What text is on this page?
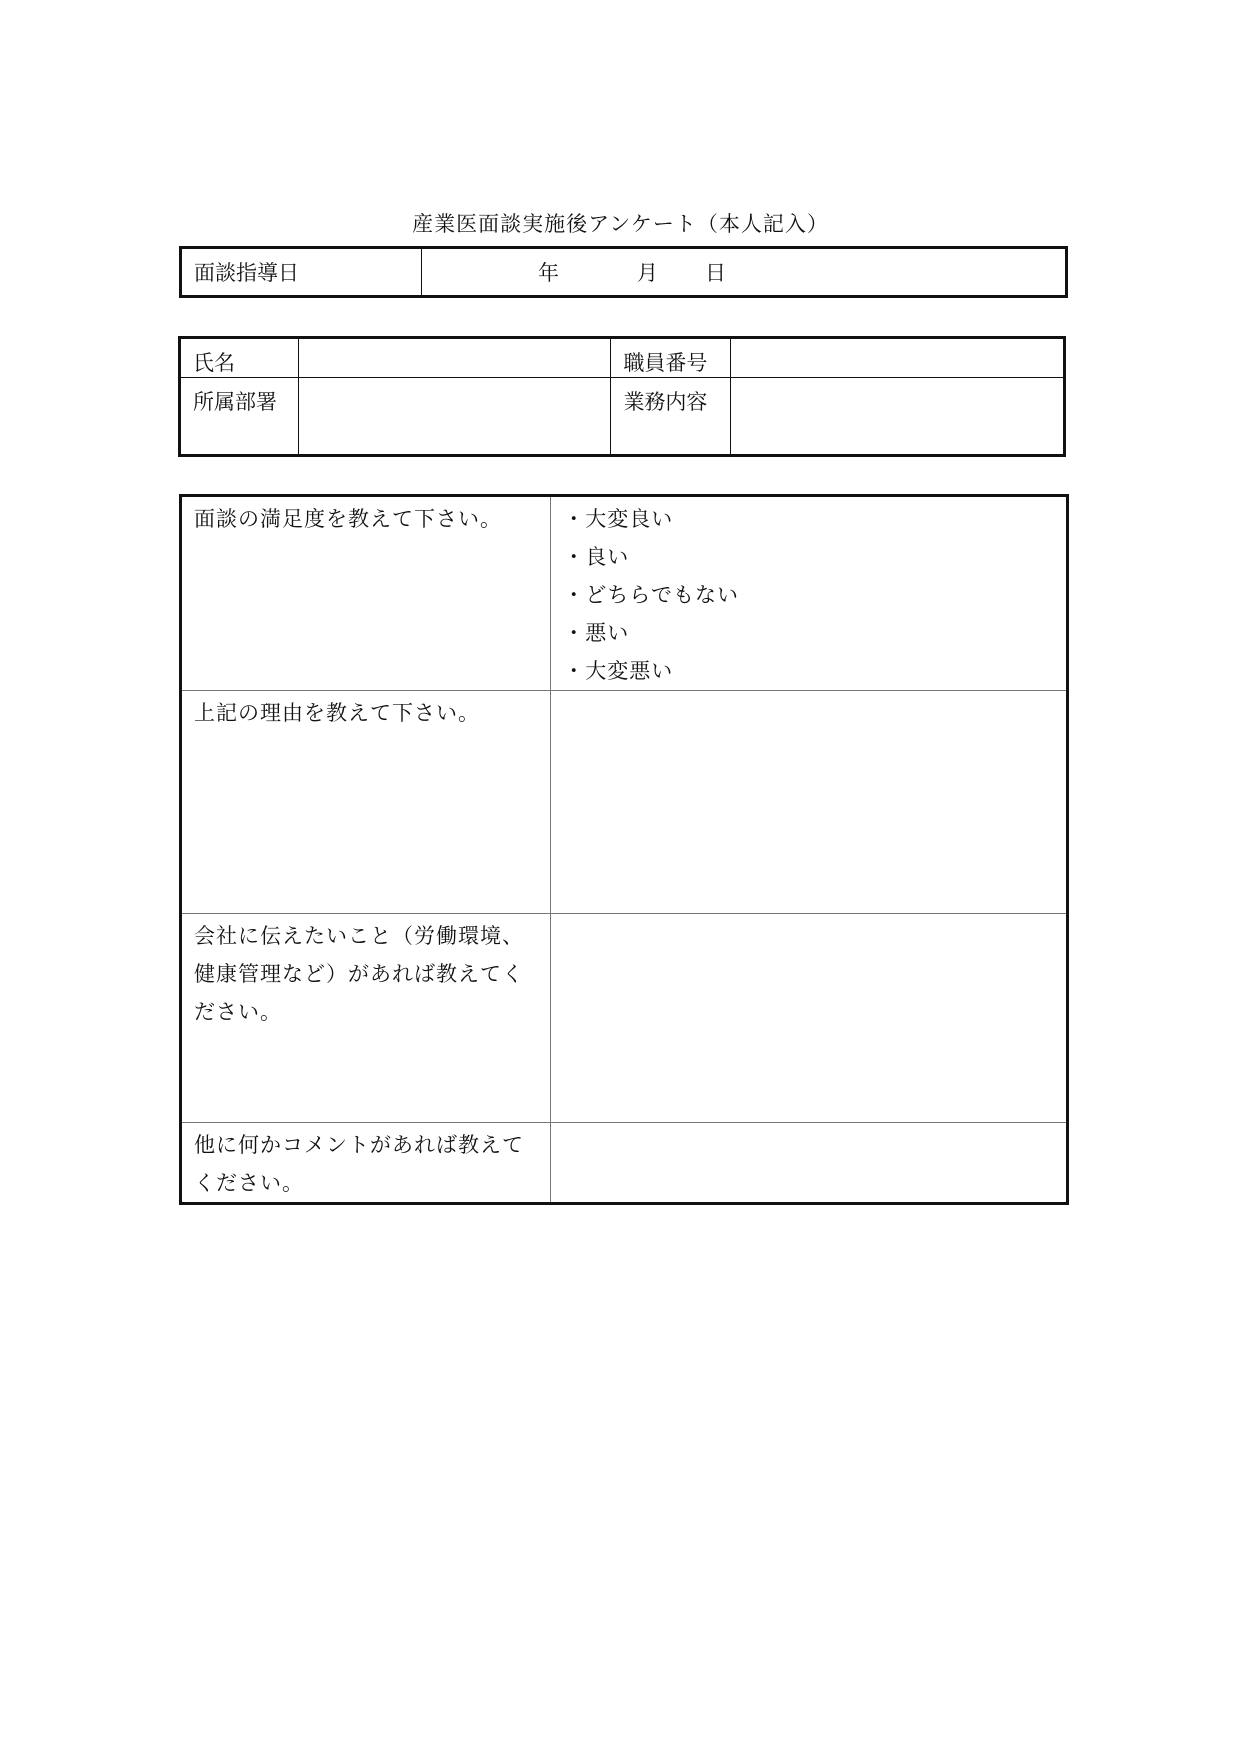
産業医面談実施後アンケート（本人記入）
面談指導日	年	月 日
氏名		職員番号	
所属部署		業務内容	
面談の満足度を教えて下さい。	・大変良い
・良い
・どちらでもない
・悪い
・大変悪い

上記の理由を教えて下さい。	
会社に伝えたいこと（労働環境、健康管理など）があれば教えてください。	
他に何かコメントがあれば教えてください。	
